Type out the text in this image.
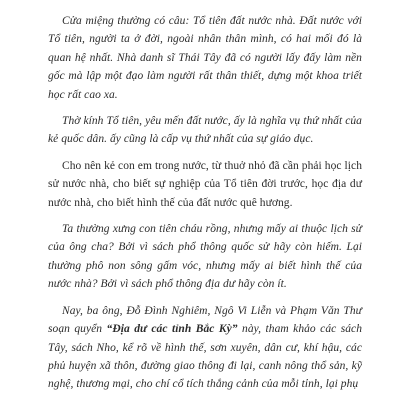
Cửa miệng thường có câu: Tổ tiên đất nước nhà. Đất nước với Tổ tiên, người ta ở đời, ngoài nhân thân mình, có hai mối đó là quan hệ nhất. Nhà danh sĩ Thái Tây đã có người lấy đấy làm nền gốc mà lập một đạo làm người rất thân thiết, dựng một khoa triết học rất cao xa.

Thờ kính Tổ tiên, yêu mến đất nước, ấy là nghĩa vụ thứ nhất của kẻ quốc dân. ấy cũng là cấp vụ thứ nhất của sự giáo dục.

Cho nên kẻ con em trong nước, từ thuở nhỏ đã cần phải học lịch sử nước nhà, cho biết sự nghiệp của Tổ tiên đời trước, học địa dư nước nhà, cho biết hình thế của đất nước quê hương.

Ta thường xưng con tiên cháu rồng, nhưng mấy ai thuộc lịch sử của ông cha? Bởi vì sách phổ thông quốc sử hãy còn hiếm. Lại thường phô non sông gấm vóc, nhưng mấy ai biết hình thế của nước nhà? Bởi vì sách phổ thông địa dư hãy còn ít.

Nay, ba ông, Đỗ Đình Nghiêm, Ngô Vi Liễn và Phạm Văn Thư soạn quyển “Địa dư các tỉnh Bắc Kỳ” này, tham khảo các sách Tây, sách Nho, kể rõ về hình thế, sơn xuyên, dân cư, khí hậu, các phủ huyện xã thôn, đường giao thông đi lại, canh nông thổ sản, kỹ nghệ, thương mại, cho chí cổ tích thắng cảnh của mỗi tỉnh, lại phụ
